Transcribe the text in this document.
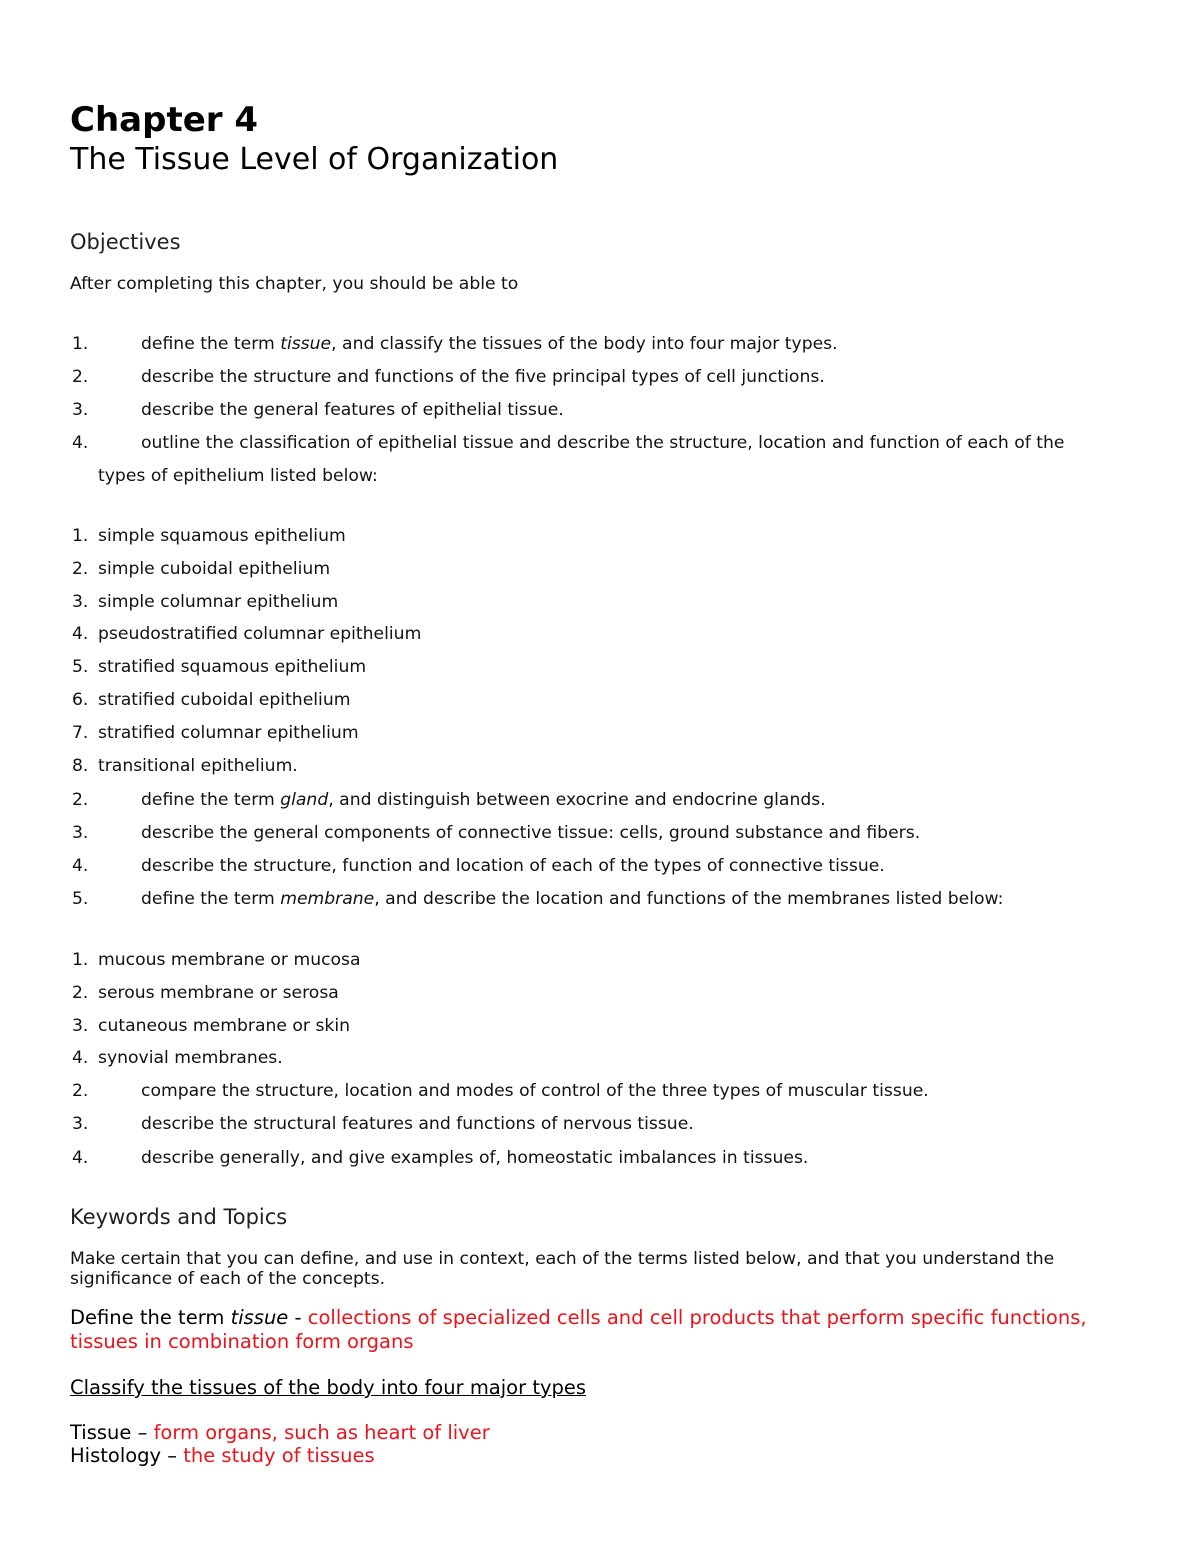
Chapter 4
The Tissue Level of Organization
Objectives
After completing this chapter, you should be able to
1.	define the term tissue, and classify the tissues of the body into four major types.
2.	describe the structure and functions of the five principal types of cell junctions.
3.	describe the general features of epithelial tissue.
4.	outline the classification of epithelial tissue and describe the structure, location and function of each of the
types of epithelium listed below:
1. simple squamous epithelium
2. simple cuboidal epithelium
3. simple columnar epithelium
4. pseudostratified columnar epithelium
5. stratified squamous epithelium
6. stratified cuboidal epithelium
7. stratified columnar epithelium
8. transitional epithelium.
2.	define the term gland, and distinguish between exocrine and endocrine glands.
3.	describe the general components of connective tissue: cells, ground substance and fibers.
4.	describe the structure, function and location of each of the types of connective tissue.
5.	define the term membrane, and describe the location and functions of the membranes listed below:
1. mucous membrane or mucosa
2. serous membrane or serosa
3. cutaneous membrane or skin
4. synovial membranes.
2.	compare the structure, location and modes of control of the three types of muscular tissue.
3.	describe the structural features and functions of nervous tissue.
4.	describe generally, and give examples of, homeostatic imbalances in tissues.
Keywords and Topics
Make certain that you can define, and use in context, each of the terms listed below, and that you understand the
significance of each of the concepts.
Define the term tissue - collections of specialized cells and cell products that perform specific functions,
tissues in combination form organs
Classify the tissues of the body into four major types
Tissue – form organs, such as heart of liver
Histology – the study of tissues
